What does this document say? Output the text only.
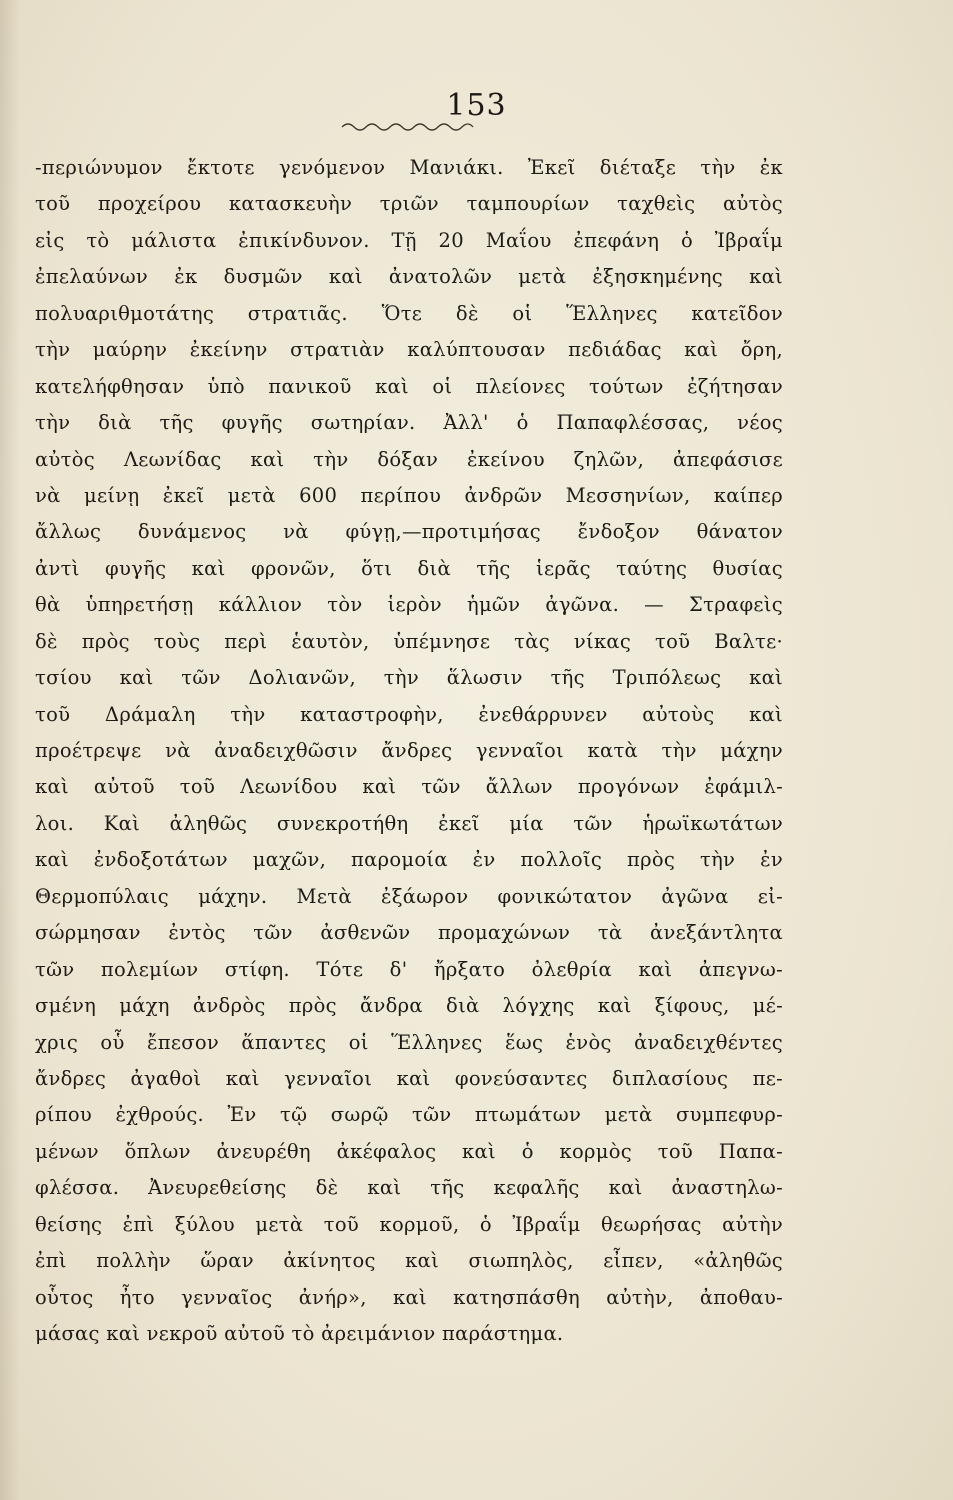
153
-περιώνυμον ἔκτοτε γενόμενον Μανιάκι. Ἐκεῖ διέταξε τὴν ἐκ
τοῦ προχείρου κατασκευὴν τριῶν ταμπουρίων ταχθεὶς αὐτὸς
εἰς τὸ μάλιστα ἐπικίνδυνον. Τῇ 20 Μαΐου ἐπεφάνη ὁ Ἰβραΐμ
ἐπελαύνων ἐκ δυσμῶν καὶ ἀνατολῶν μετὰ ἐξησκημένης καὶ
πολυαριθμοτάτης στρατιᾶς. Ὅτε δὲ οἱ Ἕλληνες κατεῖδον
τὴν μαύρην ἐκείνην στρατιὰν καλύπτουσαν πεδιάδας καὶ ὄρη,
κατελήφθησαν ὑπὸ πανικοῦ καὶ οἱ πλείονες τούτων ἐζήτησαν
τὴν διὰ τῆς φυγῆς σωτηρίαν. Ἀλλ' ὁ Παπαφλέσσας, νέος
αὐτὸς Λεωνίδας καὶ τὴν δόξαν ἐκείνου ζηλῶν, ἀπεφάσισε
νὰ μείνῃ ἐκεῖ μετὰ 600 περίπου ἀνδρῶν Μεσσηνίων, καίπερ
ἄλλως δυνάμενος νὰ φύγῃ,—προτιμήσας ἔνδοξον θάνατον
ἀντὶ φυγῆς καὶ φρονῶν, ὅτι διὰ τῆς ἱερᾶς ταύτης θυσίας
θὰ ὑπηρετήσῃ κάλλιον τὸν ἱερὸν ἡμῶν ἀγῶνα. — Στραφεὶς
δὲ πρὸς τοὺς περὶ ἑαυτὸν, ὑπέμνησε τὰς νίκας τοῦ Βαλτε·
τσίου καὶ τῶν Δολιανῶν, τὴν ἅλωσιν τῆς Τριπόλεως καὶ
τοῦ Δράμαλη τὴν καταστροφὴν, ἐνεθάρρυνεν αὐτοὺς καὶ
προέτρεψε νὰ ἀναδειχθῶσιν ἄνδρες γενναῖοι κατὰ τὴν μάχην
καὶ αὐτοῦ τοῦ Λεωνίδου καὶ τῶν ἄλλων προγόνων ἐφάμιλ-
λοι. Καὶ ἀληθῶς συνεκροτήθη ἐκεῖ μία τῶν ἡρωϊκωτάτων
καὶ ἐνδοξοτάτων μαχῶν, παρομοία ἐν πολλοῖς πρὸς τὴν ἐν
Θερμοπύλαις μάχην. Μετὰ ἐξάωρον φονικώτατον ἀγῶνα εἰ-
σώρμησαν ἐντὸς τῶν ἀσθενῶν προμαχώνων τὰ ἀνεξάντλητα
τῶν πολεμίων στίφη. Τότε δ' ἤρξατο ὀλεθρία καὶ ἀπεγνω-
σμένη μάχη ἀνδρὸς πρὸς ἄνδρα διὰ λόγχης καὶ ξίφους, μέ-
χρις οὗ ἔπεσον ἅπαντες οἱ Ἕλληνες ἕως ἑνὸς ἀναδειχθέντες
ἄνδρες ἀγαθοὶ καὶ γενναῖοι καὶ φονεύσαντες διπλασίους πε-
ρίπου ἐχθρούς. Ἐν τῷ σωρῷ τῶν πτωμάτων μετὰ συμπεφυρ-
μένων ὅπλων ἀνευρέθη ἀκέφαλος καὶ ὁ κορμὸς τοῦ Παπα-
φλέσσα. Ἀνευρεθείσης δὲ καὶ τῆς κεφαλῆς καὶ ἀναστηλω-
θείσης ἐπὶ ξύλου μετὰ τοῦ κορμοῦ, ὁ Ἰβραΐμ θεωρήσας αὐτὴν
ἐπὶ πολλὴν ὥραν ἀκίνητος καὶ σιωπηλὸς, εἶπεν, «ἀληθῶς
οὗτος ἦτο γενναῖος ἀνήρ», καὶ κατησπάσθη αὐτὴν, ἀποθαυ-
μάσας καὶ νεκροῦ αὐτοῦ τὸ ἀρειμάνιον παράστημα.
